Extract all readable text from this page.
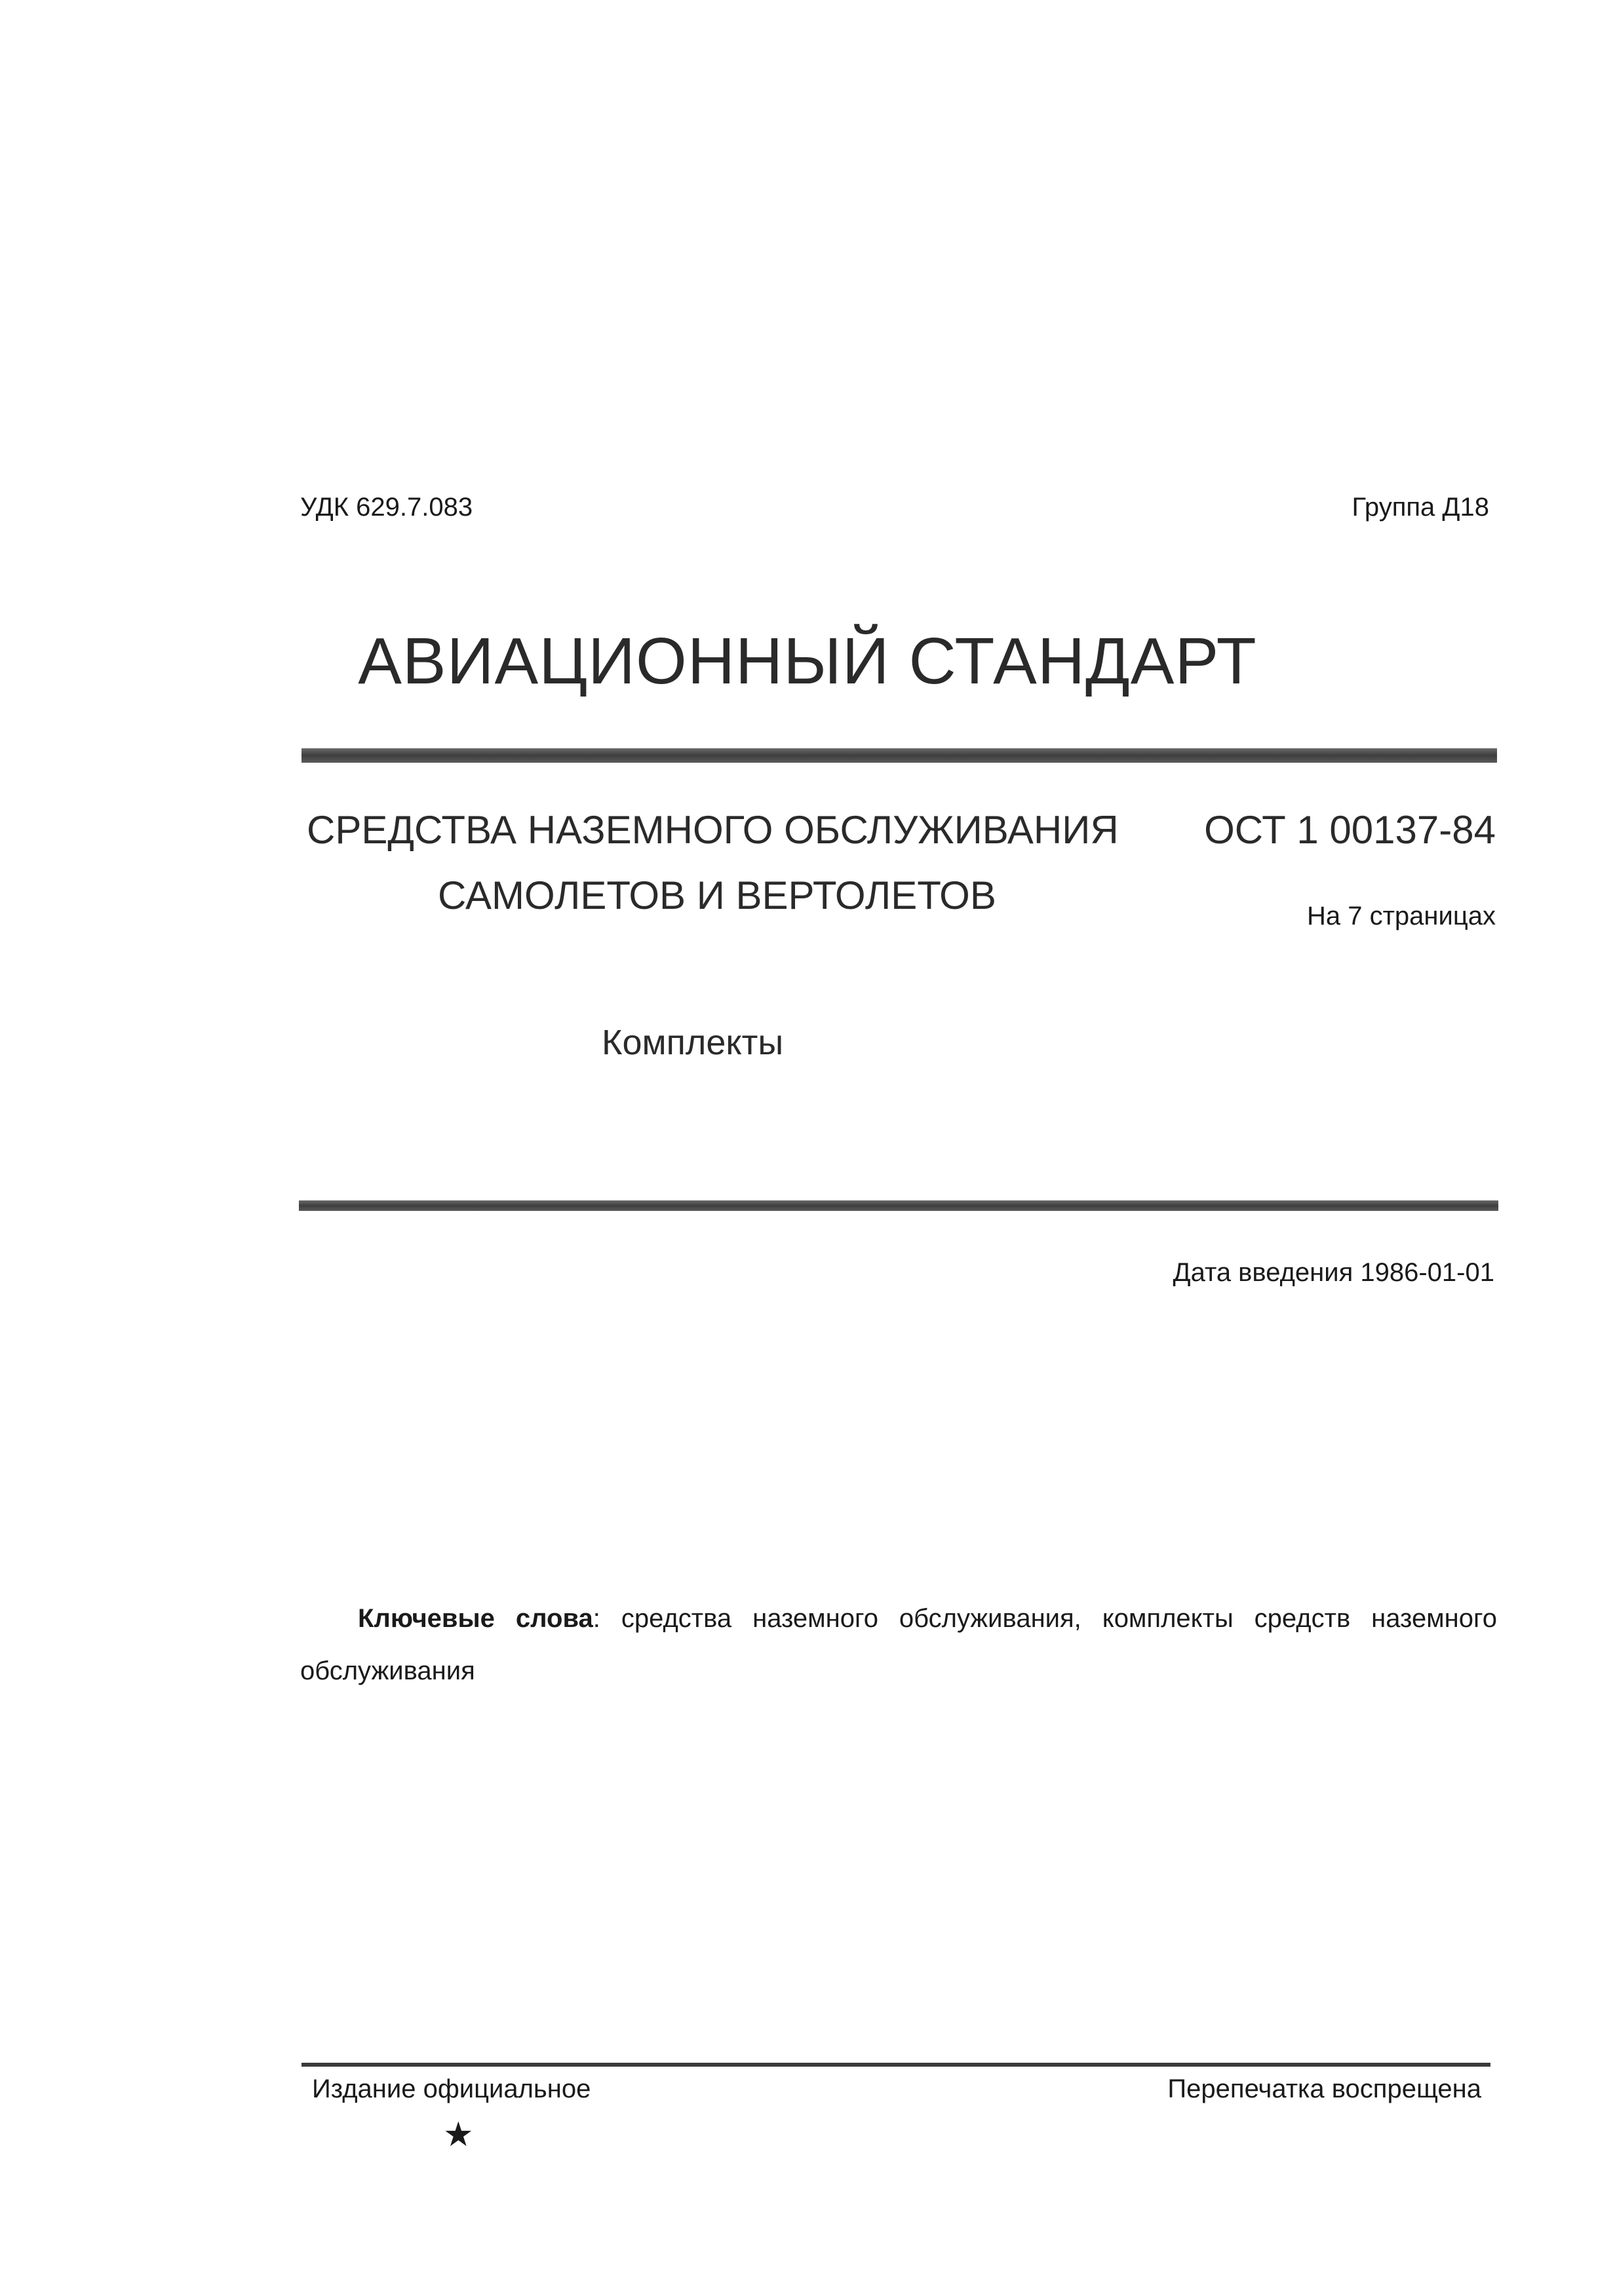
УДК 629.7.083	Группа Д18
АВИАЦИОННЫЙ СТАНДАРТ
СРЕДСТВА НАЗЕМНОГО ОБСЛУЖИВАНИЯ
САМОЛЕТОВ И ВЕРТОЛЕТОВ
ОСТ 1 00137-84
На 7 страницах
Комплекты
Дата введения 1986-01-01
Ключевые слова: средства наземного обслуживания, комплекты средств наземного обслуживания
Издание официальное	Перепечатка воспрещена
★
